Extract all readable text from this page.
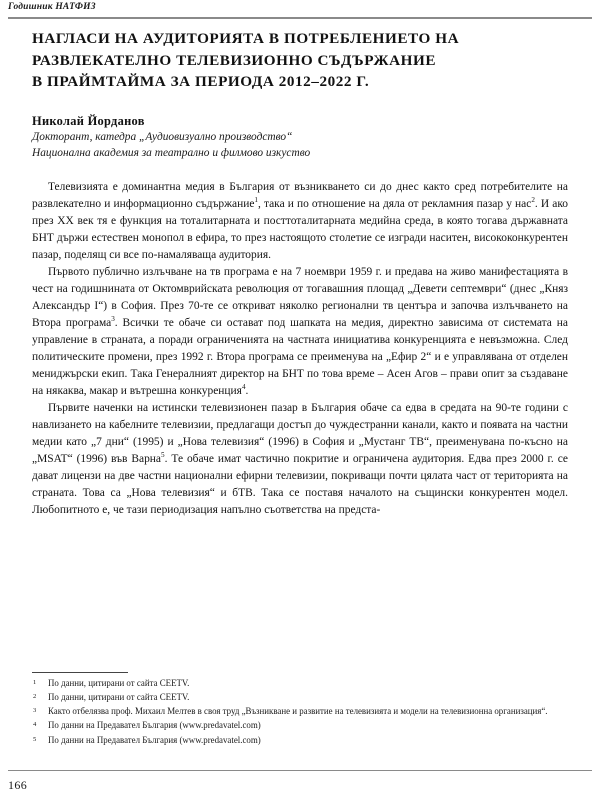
Годишник НАТФИЗ
НАГЛАСИ НА АУДИТОРИЯТА В ПОТРЕБЛЕНИЕТО НА
РАЗВЛЕКАТЕЛНО ТЕЛЕВИЗИОННО СЪДЪРЖАНИЕ
В ПРАЙМТАЙМА ЗА ПЕРИОДА 2012–2022 Г.
Николай Йорданов
Докторант, катедра „Аудиовизуално производство“
Национална академия за театрално и филмово изкуство

Телевизията е доминантна медия в България от възникването си до днес както сред потребителите на развлекателно и информационно съдържание$^1$, така и по отношение на дяла от рекламния пазар у нас$^2$. И ако през XX век тя е функция на тоталитарната и посттоталитарната медийна среда, в която тогава държавната БНТ държи естествен монопол в ефира, то през настоящото столетие се изгради наситен, висококонкурентен пазар, поделящ си все по-намаляваща аудитория.

Първото публично излъчване на тв програма е на 7 ноември 1959 г. и предава на живо манифестацията в чест на годишнината от Октомврийската революция от тогавашния площад „Девети септември“ (днес „Княз Александър I“) в София. През 70-те се откриват няколко регионални тв центъра и започва излъчването на Втора програма$^3$. Всички те обаче си остават под шапката на медия, директно зависима от системата на управление в страната, а поради ограниченията на частната инициатива конкуренцията е невъзможна. След политическите промени, през 1992 г. Втора програма се преименува на „Ефир 2“ и е управлявана от отделен мениджърски екип. Така Генералният директор на БНТ по това време – Асен Агов – прави опит за създаване на някаква, макар и вътрешна конкуренция$^4$.

Първите наченки на истински телевизионен пазар в България обаче са едва в средата на 90-те години с навлизането на кабелните телевизии, предлагащи достъп до чуждестранни канали, както и появата на частни медии като „7 дни“ (1995) и „Нова телевизия“ (1996) в София и „Мустанг ТВ“, преименувана по-късно на „MSAT“ (1996) във Варна$^5$. Те обаче имат частично покритие и ограничена аудитория. Едва през 2000 г. се дават лицензи на две частни национални ефирни телевизии, покриващи почти цялата част от територията на страната. Това са „Нова телевизия“ и бТВ. Така се поставя началото на същински конкурентен модел. Любопитното е, че тази периодизация напълно съответства на предста-

1	По данни, цитирани от сайта CEETV.
2	По данни, цитирани от сайта CEETV.
3	Както отбелязва проф. Михаил Мелтев в своя труд „Възникване и развитие на телевизията и модели на телевизионна организация“.
4	По данни на Предавател България (www.predavatel.com)
5	По данни на Предавател България (www.predavatel.com)
166
